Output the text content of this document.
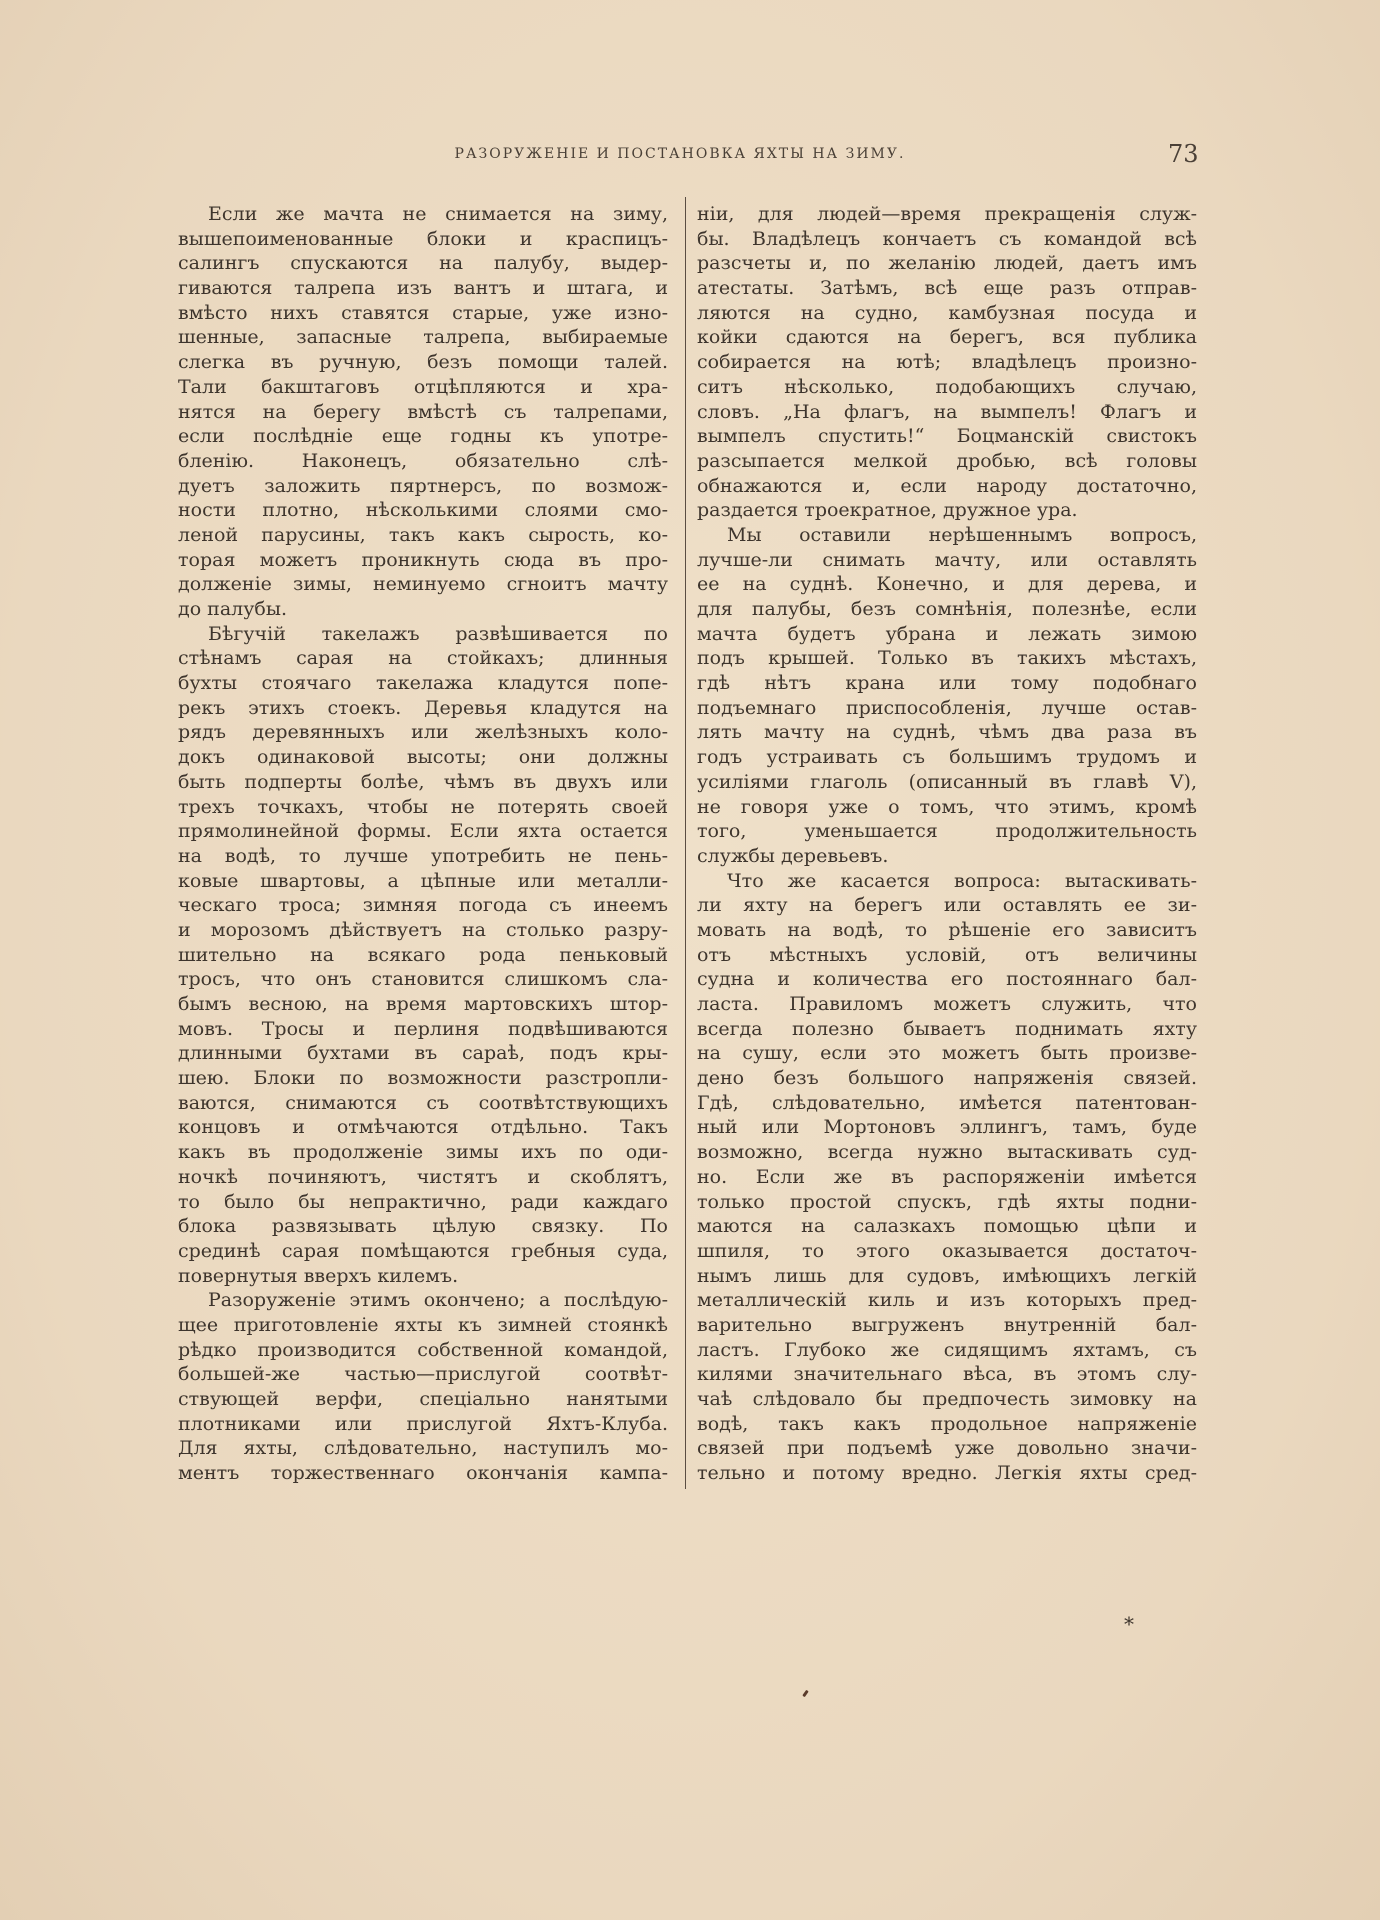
РАЗОРУЖЕНIЕ И ПОСТАНОВКА ЯХТЫ НА ЗИМУ.	73
Если же мачта не снимается на зиму,
вышепоименованные блоки и краспицъ-
салингъ спускаются на палубу, выдер-
гиваются талрепа изъ вантъ и штага, и
вмѣсто нихъ ставятся старые, уже изно-
шенные, запасные талрепа, выбираемые
слегка въ ручную, безъ помощи талей.
Тали бакштаговъ отцѣпляются и хра-
нятся на берегу вмѣстѣ съ талрепами,
если послѣднiе еще годны къ употре-
бленiю. Наконецъ, обязательно слѣ-
дуетъ заложить пяртнерсъ, по возмож-
ности плотно, нѣсколькими слоями смо-
леной парусины, такъ какъ сырость, ко-
торая можетъ проникнуть сюда въ про-
долженiе зимы, неминуемо сгноитъ мачту
до палубы.
Бѣгучiй такелажъ развѣшивается по
стѣнамъ сарая на стойкахъ; длинныя
бухты стоячаго такелажа кладутся попе-
рекъ этихъ стоекъ. Деревья кладутся на
рядъ деревянныхъ или желѣзныхъ коло-
докъ одинаковой высоты; они должны
быть подперты болѣе, чѣмъ въ двухъ или
трехъ точкахъ, чтобы не потерять своей
прямолинейной формы. Если яхта остается
на водѣ, то лучше употребить не пень-
ковые швартовы, а цѣпные или металли-
ческаго троса; зимняя погода съ инеемъ
и морозомъ дѣйствуетъ на столько разру-
шительно на всякаго рода пеньковый
тросъ, что онъ становится слишкомъ сла-
бымъ весною, на время мартовскихъ штор-
мовъ. Тросы и перлиня подвѣшиваются
длинными бухтами въ сараѣ, подъ кры-
шею. Блоки по возможности разстропли-
ваются, снимаются съ соотвѣтствующихъ
концовъ и отмѣчаются отдѣльно. Такъ
какъ въ продолженiе зимы ихъ по оди-
ночкѣ починяютъ, чистятъ и скоблятъ,
то было бы непрактично, ради каждаго
блока развязывать цѣлую связку. По
срединѣ сарая помѣщаются гребныя суда,
повернутыя вверхъ килемъ.
Разоруженiе этимъ окончено; а послѣдую-
щее приготовленiе яхты къ зимней стоянкѣ
рѣдко производится собственной командой,
большей-же частью—прислугой соотвѣт-
ствующей верфи, спецiально нанятыми
плотниками или прислугой Яхтъ-Клуба.
Для яхты, слѣдовательно, наступилъ мо-
ментъ торжественнаго окончанiя кампа-
нiи, для людей—время прекращенiя служ-
бы. Владѣлецъ кончаетъ съ командой всѣ
разсчеты и, по желанiю людей, даетъ имъ
атестаты. Затѣмъ, всѣ еще разъ отправ-
ляются на судно, камбузная посуда и
койки сдаются на берегъ, вся публика
собирается на ютѣ; владѣлецъ произно-
ситъ нѣсколько, подобающихъ случаю,
словъ. „На флагъ, на вымпелъ! Флагъ и
вымпелъ спустить!“ Боцманскiй свистокъ
разсыпается мелкой дробью, всѣ головы
обнажаются и, если народу достаточно,
раздается троекратное, дружное ура.
Мы оставили нерѣшеннымъ вопросъ,
лучше-ли снимать мачту, или оставлять
ее на суднѣ. Конечно, и для дерева, и
для палубы, безъ сомнѣнiя, полезнѣе, если
мачта будетъ убрана и лежать зимою
подъ крышей. Только въ такихъ мѣстахъ,
гдѣ нѣтъ крана или тому подобнаго
подъемнаго приспособленiя, лучше остав-
лять мачту на суднѣ, чѣмъ два раза въ
годъ устраивать съ большимъ трудомъ и
усилiями глаголь (описанный въ главѣ V),
не говоря уже о томъ, что этимъ, кромѣ
того, уменьшается продолжительность
службы деревьевъ.
Что же касается вопроса: вытаскивать-
ли яхту на берегъ или оставлять ее зи-
мовать на водѣ, то рѣшенiе его зависитъ
отъ мѣстныхъ условiй, отъ величины
судна и количества его постояннаго бал-
ласта. Правиломъ можетъ служить, что
всегда полезно бываетъ поднимать яхту
на сушу, если это можетъ быть произве-
дено безъ большого напряженiя связей.
Гдѣ, слѣдовательно, имѣется патентован-
ный или Мортоновъ эллингъ, тамъ, буде
возможно, всегда нужно вытаскивать суд-
но. Если же въ распоряженiи имѣется
только простой спускъ, гдѣ яхты подни-
маются на салазкахъ помощью цѣпи и
шпиля, то этого оказывается достаточ-
нымъ лишь для судовъ, имѣющихъ легкiй
металлическiй киль и изъ которыхъ пред-
варительно выгруженъ внутреннiй бал-
ластъ. Глубоко же сидящимъ яхтамъ, съ
килями значительнаго вѣса, въ этомъ слу-
чаѣ слѣдовало бы предпочесть зимовку на
водѣ, такъ какъ продольное напряженiе
связей при подъемѣ уже довольно значи-
тельно и потому вредно. Легкiя яхты сред-
*
